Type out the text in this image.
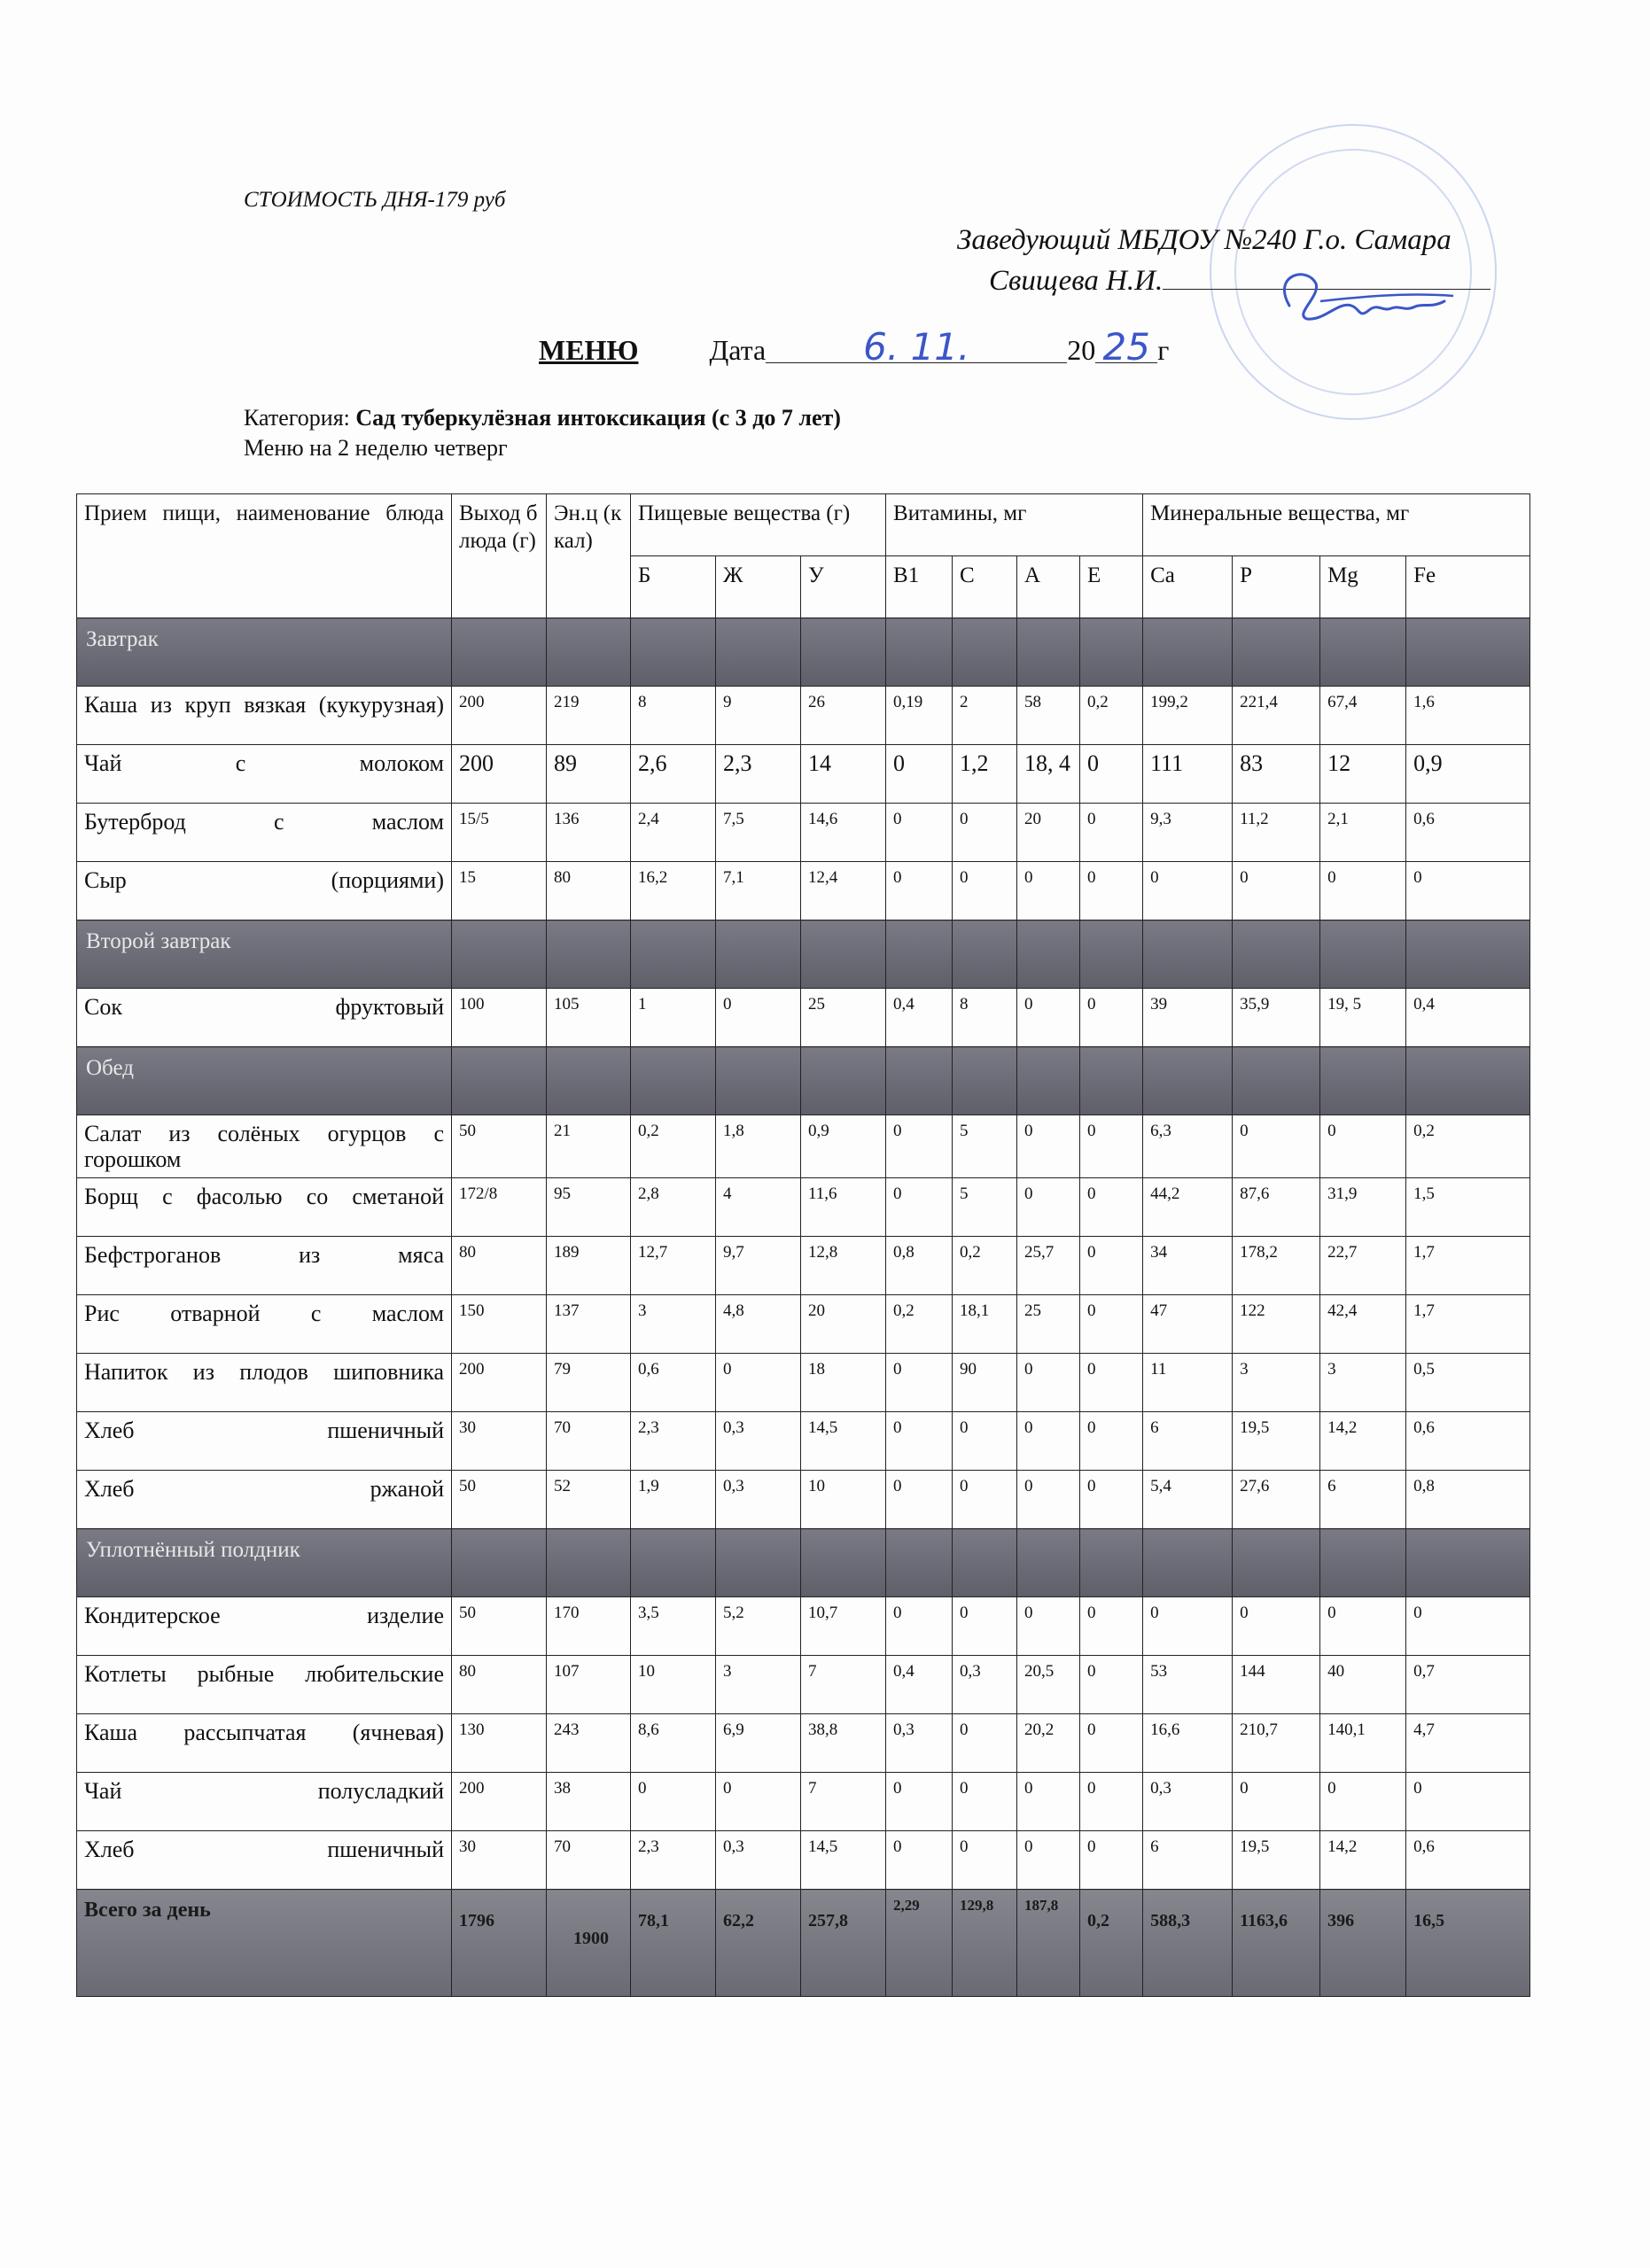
СТОИМОСТЬ ДНЯ-179 руб
Заведующий МБДОУ №240 Г.о. Самара
Свищева Н.И.
МЕНЮ	Дата	6. 11.	20 25 г
Категория: Сад туберкулёзная интоксикация (с 3 до 7 лет)
Меню на 2 неделю четверг
Прием пищи, наименование блюда	Выход блюда (г)	Эн.ц (ккал)	Пищевые вещества (г)			Витамины, мг				Минеральные вещества, мг			
			Б	Ж	У	В1	С	А	Е	Ca	P	Mg	Fe
Завтрак													

Каша из круп вязкая (кукурузная)	200	219	8	9	26	0,19	2	58	0,2	199,2	221,4	67,4	1,6

Чай с молоком	200	89	2,6	2,3	14	0	1,2	18, 4	0	111	83	12	0,9

Бутерброд с маслом	15/5	136	2,4	7,5	14,6	0	0	20	0	9,3	11,2	2,1	0,6

Сыр (порциями)	15	80	16,2	7,1	12,4	0	0	0	0	0	0	0	0
Второй завтрак													

Сок фруктовый	100	105	1	0	25	0,4	8	0	0	39	35,9	19, 5	0,4
Обед													

Салат из солёных огурцов с горошком	50	21	0,2	1,8	0,9	0	5	0	0	6,3	0	0	0,2

Борщ с фасолью со сметаной	172/8	95	2,8	4	11,6	0	5	0	0	44,2	87,6	31,9	1,5

Бефстроганов из мяса	80	189	12,7	9,7	12,8	0,8	0,2	25,7	0	34	178,2	22,7	1,7

Рис отварной с маслом	150	137	3	4,8	20	0,2	18,1	25	0	47	122	42,4	1,7

Напиток из плодов шиповника	200	79	0,6	0	18	0	90	0	0	11	3	3	0,5

Хлеб пшеничный	30	70	2,3	0,3	14,5	0	0	0	0	6	19,5	14,2	0,6

Хлеб ржаной	50	52	1,9	0,3	10	0	0	0	0	5,4	27,6	6	0,8
Уплотнённый полдник													

Кондитерское изделие	50	170	3,5	5,2	10,7	0	0	0	0	0	0	0	0

Котлеты рыбные любительские	80	107	10	3	7	0,4	0,3	20,5	0	53	144	40	0,7

Каша рассыпчатая (ячневая)	130	243	8,6	6,9	38,8	0,3	0	20,2	0	16,6	210,7	140,1	4,7

Чай полусладкий	200	38	0	0	7	0	0	0	0	0,3	0	0	0

Хлеб пшеничный	30	70	2,3	0,3	14,5	0	0	0	0	6	19,5	14,2	0,6
Всего за день	1796	1900	78,1	62,2	257,8	2,29	129,8	187,8	0,2	588,3	1163,6	396	16,5
